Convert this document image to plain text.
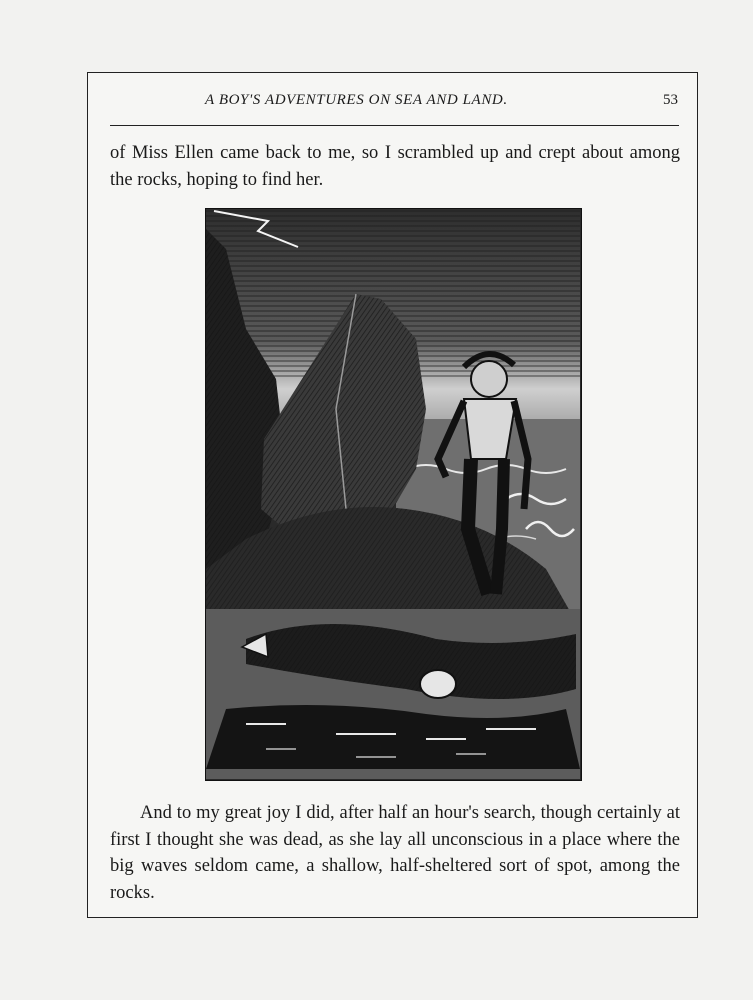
A BOY'S ADVENTURES ON SEA AND LAND.	53

of Miss Ellen came back to me, so I scrambled up and crept about among the rocks, hoping to find her.

And to my great joy I did, after half an hour's search, though certainly at first I thought she was dead, as she lay all unconscious in a place where the big waves seldom came, a shallow, half-sheltered sort of spot, among the rocks.
